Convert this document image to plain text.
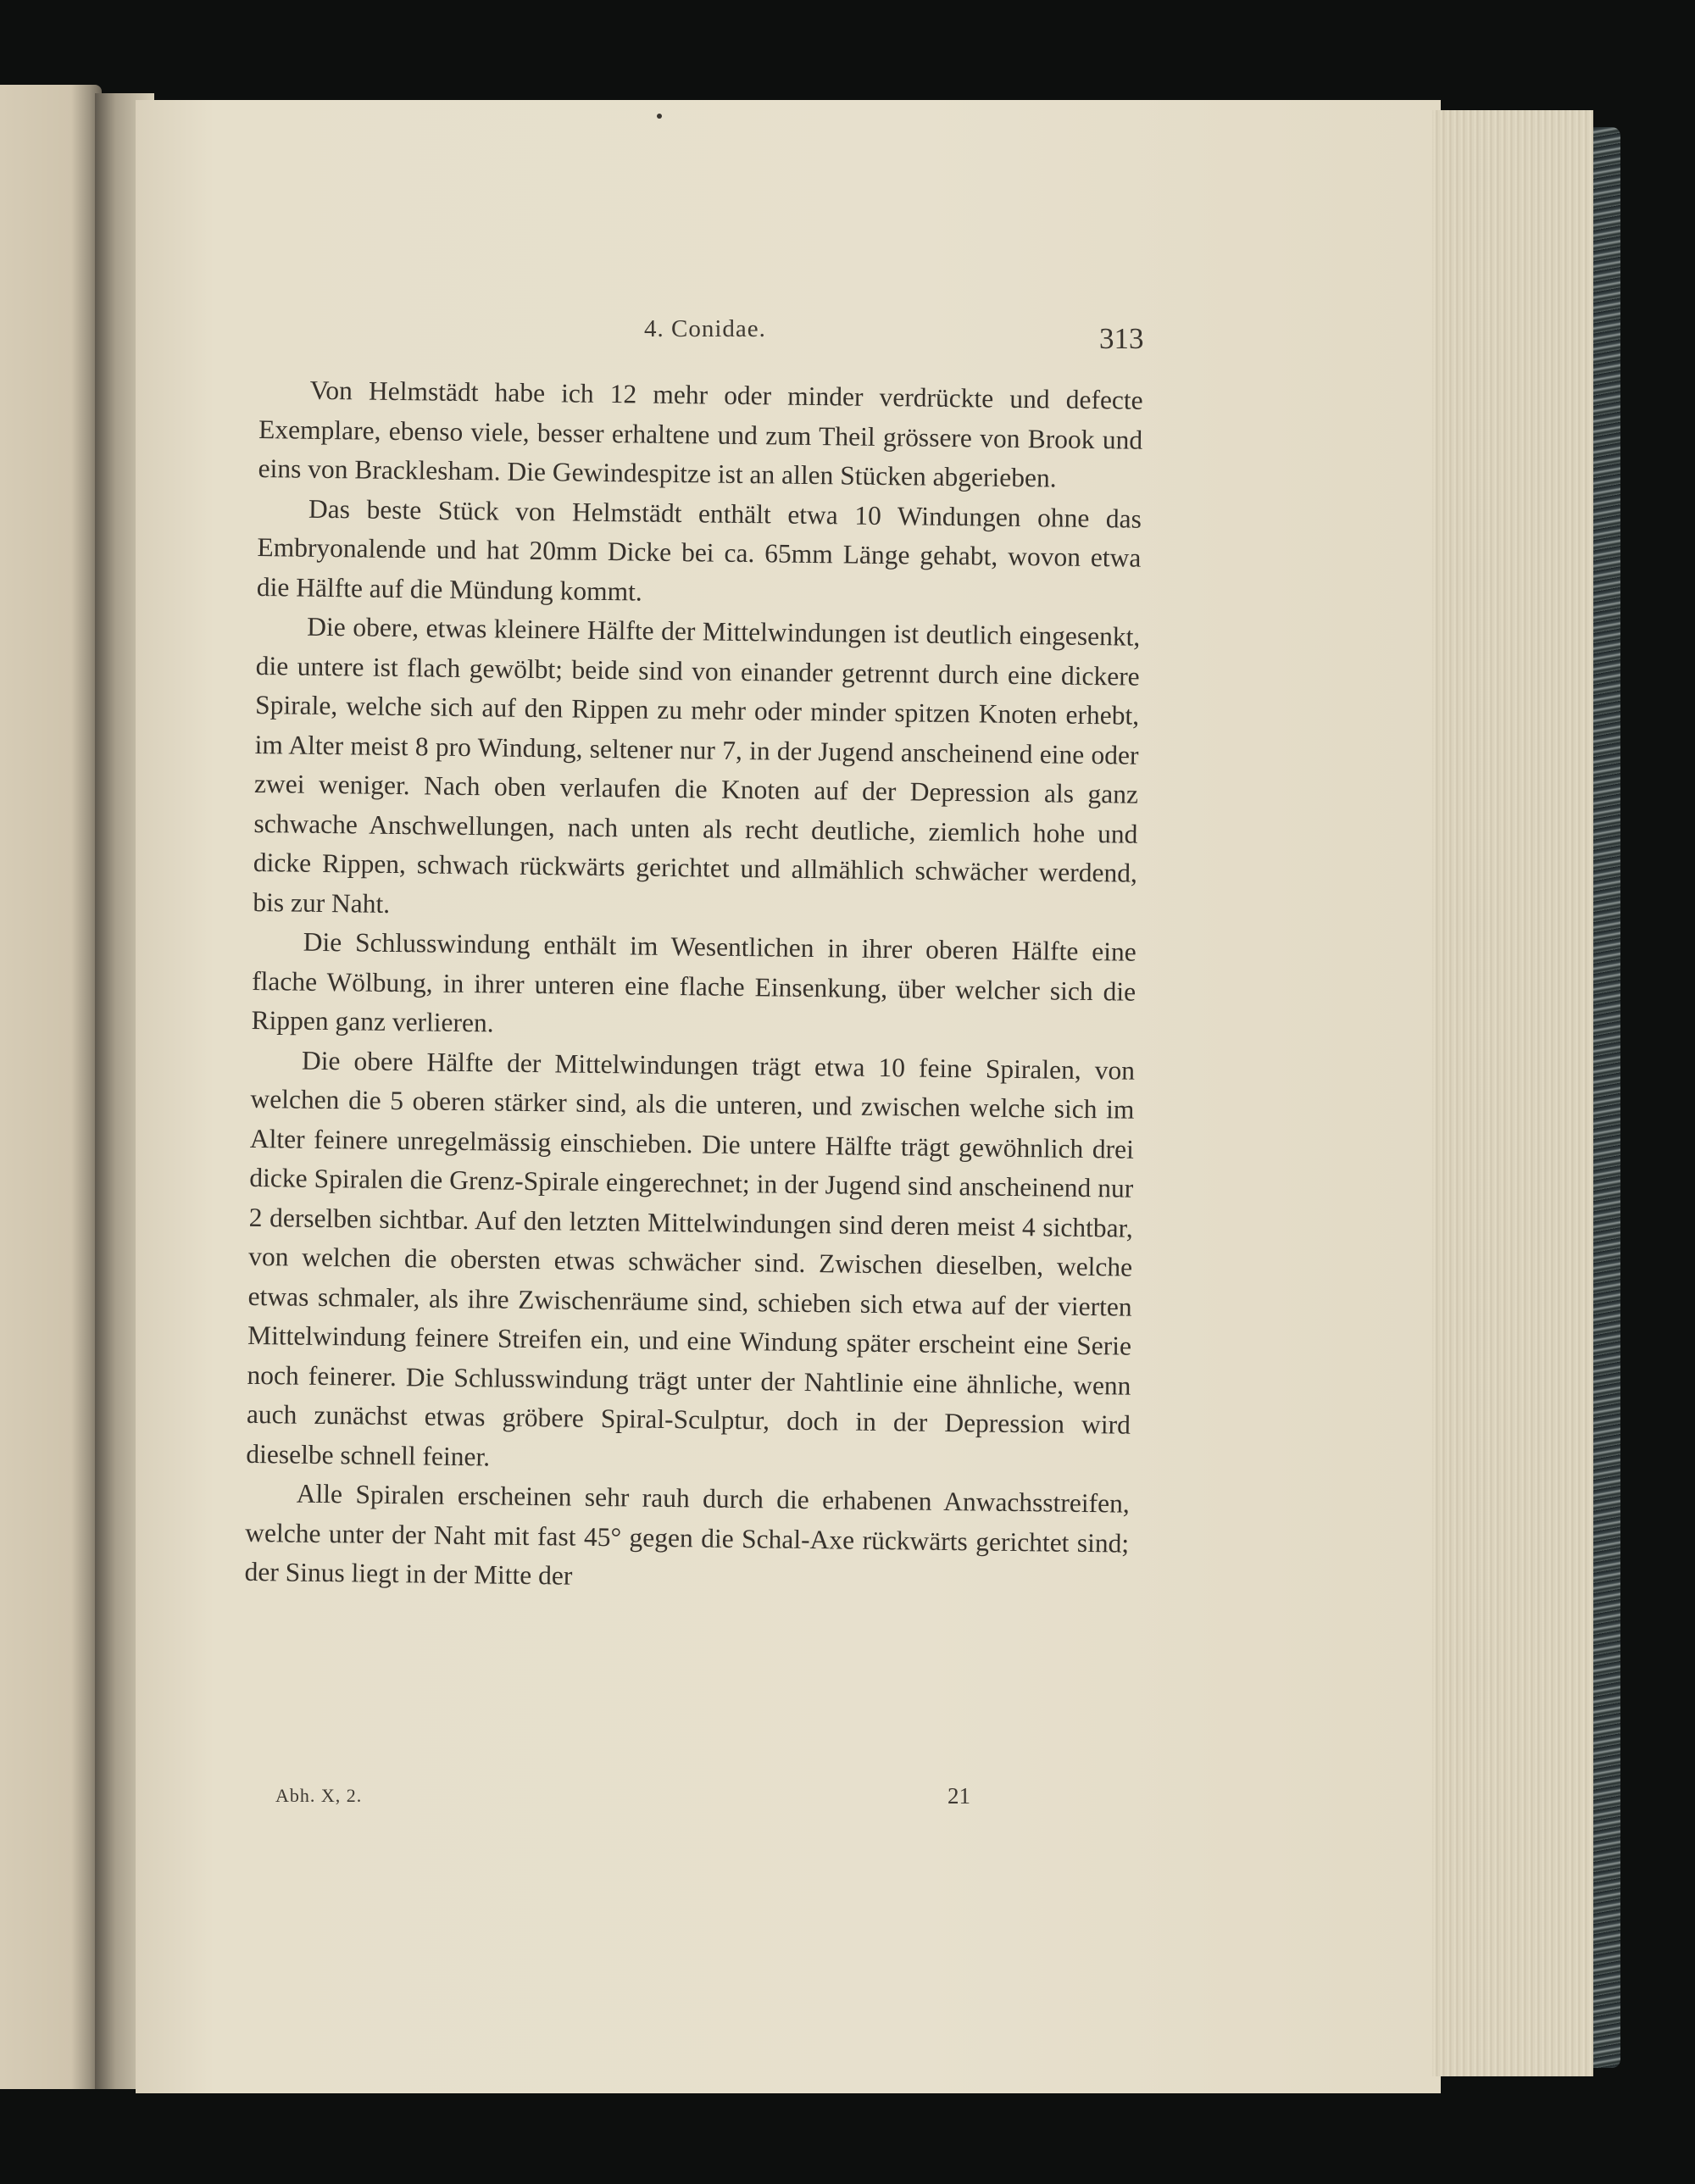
4. Conidae.	313

Von Helmstädt habe ich 12 mehr oder minder verdrückte und defecte Exemplare, ebenso viele, besser erhaltene und zum Theil grössere von Brook und eins von Bracklesham. Die Gewindespitze ist an allen Stücken abgerieben.

Das beste Stück von Helmstädt enthält etwa 10 Windungen ohne das Embryonalende und hat 20mm Dicke bei ca. 65mm Länge gehabt, wovon etwa die Hälfte auf die Mündung kommt.

Die obere, etwas kleinere Hälfte der Mittelwindungen ist deutlich eingesenkt, die untere ist flach gewölbt; beide sind von einander getrennt durch eine dickere Spirale, welche sich auf den Rippen zu mehr oder minder spitzen Knoten erhebt, im Alter meist 8 pro Windung, seltener nur 7, in der Jugend anscheinend eine oder zwei weniger. Nach oben verlaufen die Knoten auf der Depression als ganz schwache Anschwellungen, nach unten als recht deutliche, ziemlich hohe und dicke Rippen, schwach rückwärts gerichtet und allmählich schwächer werdend, bis zur Naht.

Die Schlusswindung enthält im Wesentlichen in ihrer oberen Hälfte eine flache Wölbung, in ihrer unteren eine flache Einsenkung, über welcher sich die Rippen ganz verlieren.

Die obere Hälfte der Mittelwindungen trägt etwa 10 feine Spiralen, von welchen die 5 oberen stärker sind, als die unteren, und zwischen welche sich im Alter feinere unregelmässig einschieben. Die untere Hälfte trägt gewöhnlich drei dicke Spiralen die Grenz-Spirale eingerechnet; in der Jugend sind anscheinend nur 2 derselben sichtbar. Auf den letzten Mittelwindungen sind deren meist 4 sichtbar, von welchen die obersten etwas schwächer sind. Zwischen dieselben, welche etwas schmaler, als ihre Zwischenräume sind, schieben sich etwa auf der vierten Mittelwindung feinere Streifen ein, und eine Windung später erscheint eine Serie noch feinerer. Die Schlusswindung trägt unter der Nahtlinie eine ähnliche, wenn auch zunächst etwas gröbere Spiral-Sculptur, doch in der Depression wird dieselbe schnell feiner.

Alle Spiralen erscheinen sehr rauh durch die erhabenen Anwachsstreifen, welche unter der Naht mit fast 45° gegen die Schal-Axe rückwärts gerichtet sind; der Sinus liegt in der Mitte der

Abh. X, 2.	21
